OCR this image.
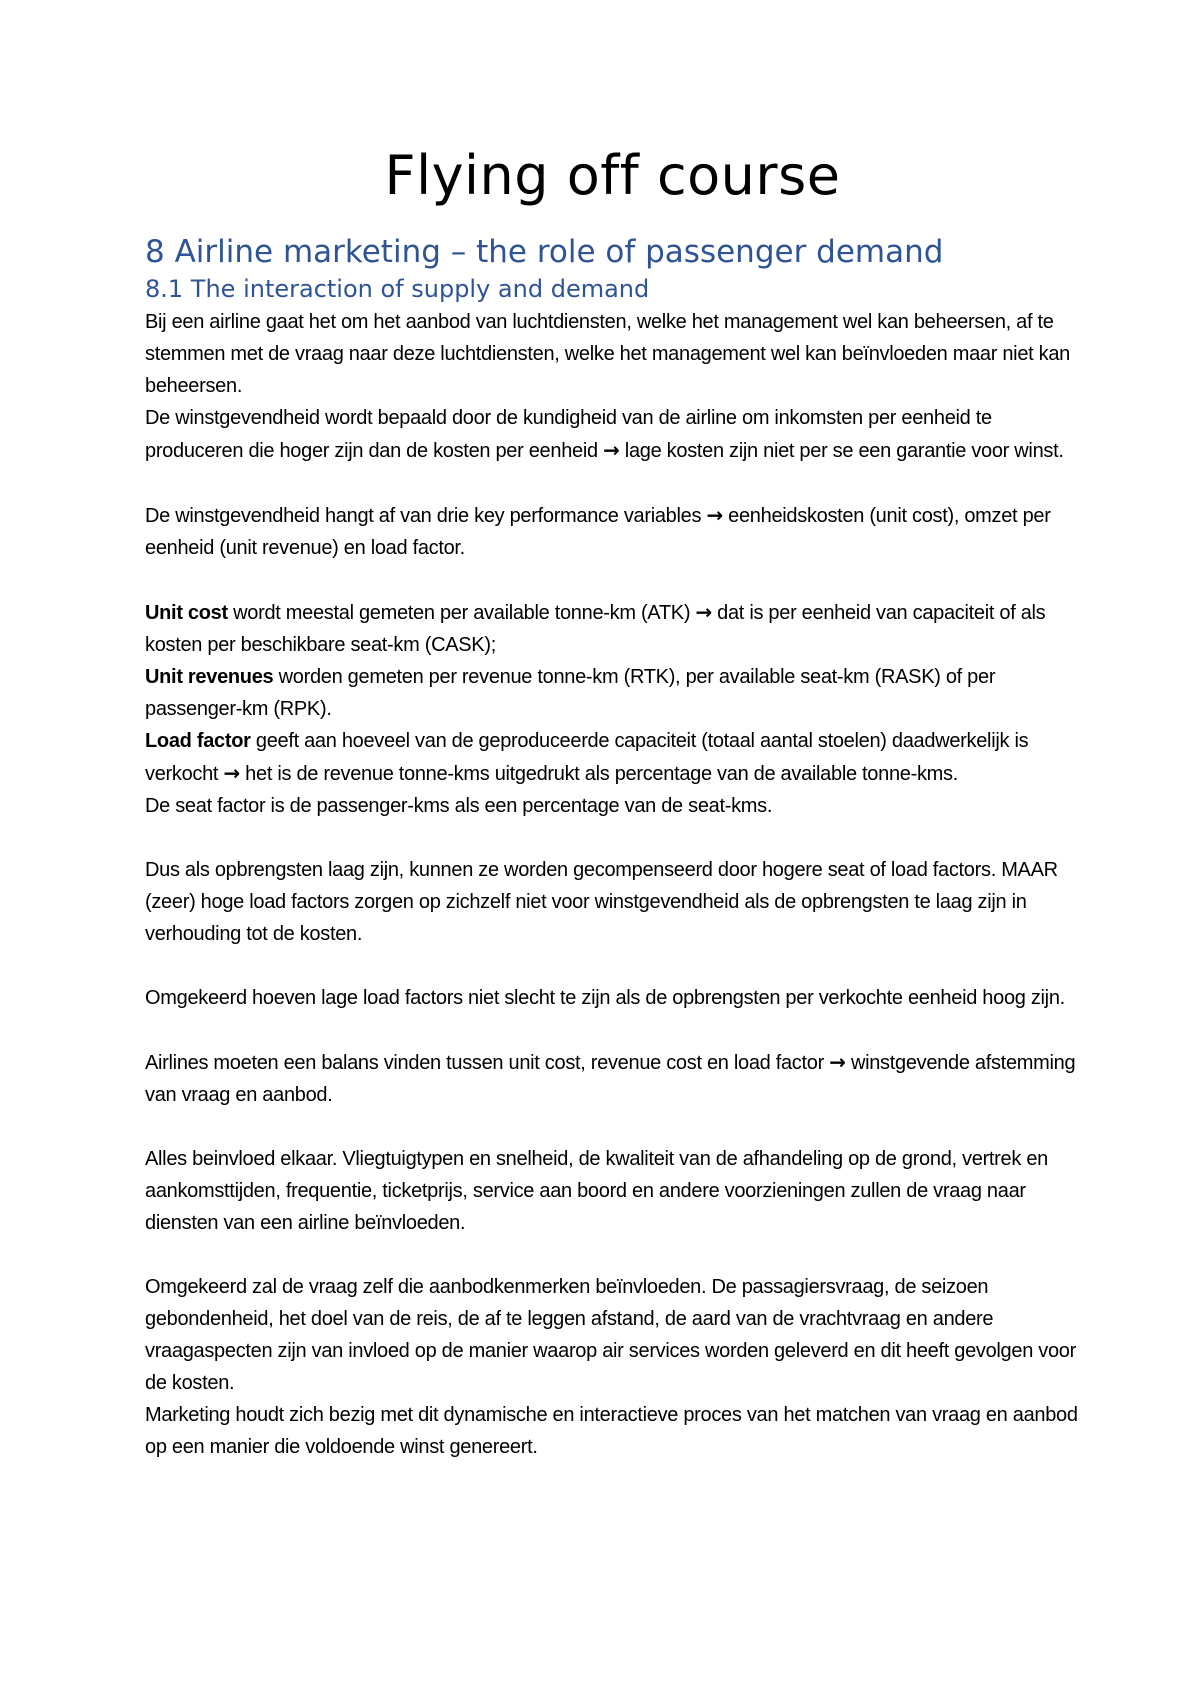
Flying off course
8 Airline marketing – the role of passenger demand
8.1 The interaction of supply and demand

Bij een airline gaat het om het aanbod van luchtdiensten, welke het management wel kan beheersen, af te stemmen met de vraag naar deze luchtdiensten, welke het management wel kan beïnvloeden maar niet kan beheersen.

De winstgevendheid wordt bepaald door de kundigheid van de airline om inkomsten per eenheid te produceren die hoger zijn dan de kosten per eenheid → lage kosten zijn niet per se een garantie voor winst.

De winstgevendheid hangt af van drie key performance variables → eenheidskosten (unit cost), omzet per eenheid (unit revenue) en load factor.

Unit cost wordt meestal gemeten per available tonne-km (ATK) → dat is per eenheid van capaciteit of als kosten per beschikbare seat-km (CASK);

Unit revenues worden gemeten per revenue tonne-km (RTK), per available seat-km (RASK) of per passenger-km (RPK).

Load factor geeft aan hoeveel van de geproduceerde capaciteit (totaal aantal stoelen) daadwerkelijk is verkocht → het is de revenue tonne-kms uitgedrukt als percentage van de available tonne-kms.

De seat factor is de passenger-kms als een percentage van de seat-kms.

Dus als opbrengsten laag zijn, kunnen ze worden gecompenseerd door hogere seat of load factors. MAAR (zeer) hoge load factors zorgen op zichzelf niet voor winstgevendheid als de opbrengsten te laag zijn in verhouding tot de kosten.

Omgekeerd hoeven lage load factors niet slecht te zijn als de opbrengsten per verkochte eenheid hoog zijn.

Airlines moeten een balans vinden tussen unit cost, revenue cost en load factor → winstgevende afstemming van vraag en aanbod.

Alles beinvloed elkaar. Vliegtuigtypen en snelheid, de kwaliteit van de afhandeling op de grond, vertrek en aankomsttijden, frequentie, ticketprijs, service aan boord en andere voorzieningen zullen de vraag naar diensten van een airline beïnvloeden.

Omgekeerd zal de vraag zelf die aanbodkenmerken beïnvloeden. De passagiersvraag, de seizoen gebondenheid, het doel van de reis, de af te leggen afstand, de aard van de vrachtvraag en andere vraagaspecten zijn van invloed op de manier waarop air services worden geleverd en dit heeft gevolgen voor de kosten.

Marketing houdt zich bezig met dit dynamische en interactieve proces van het matchen van vraag en aanbod op een manier die voldoende winst genereert.
